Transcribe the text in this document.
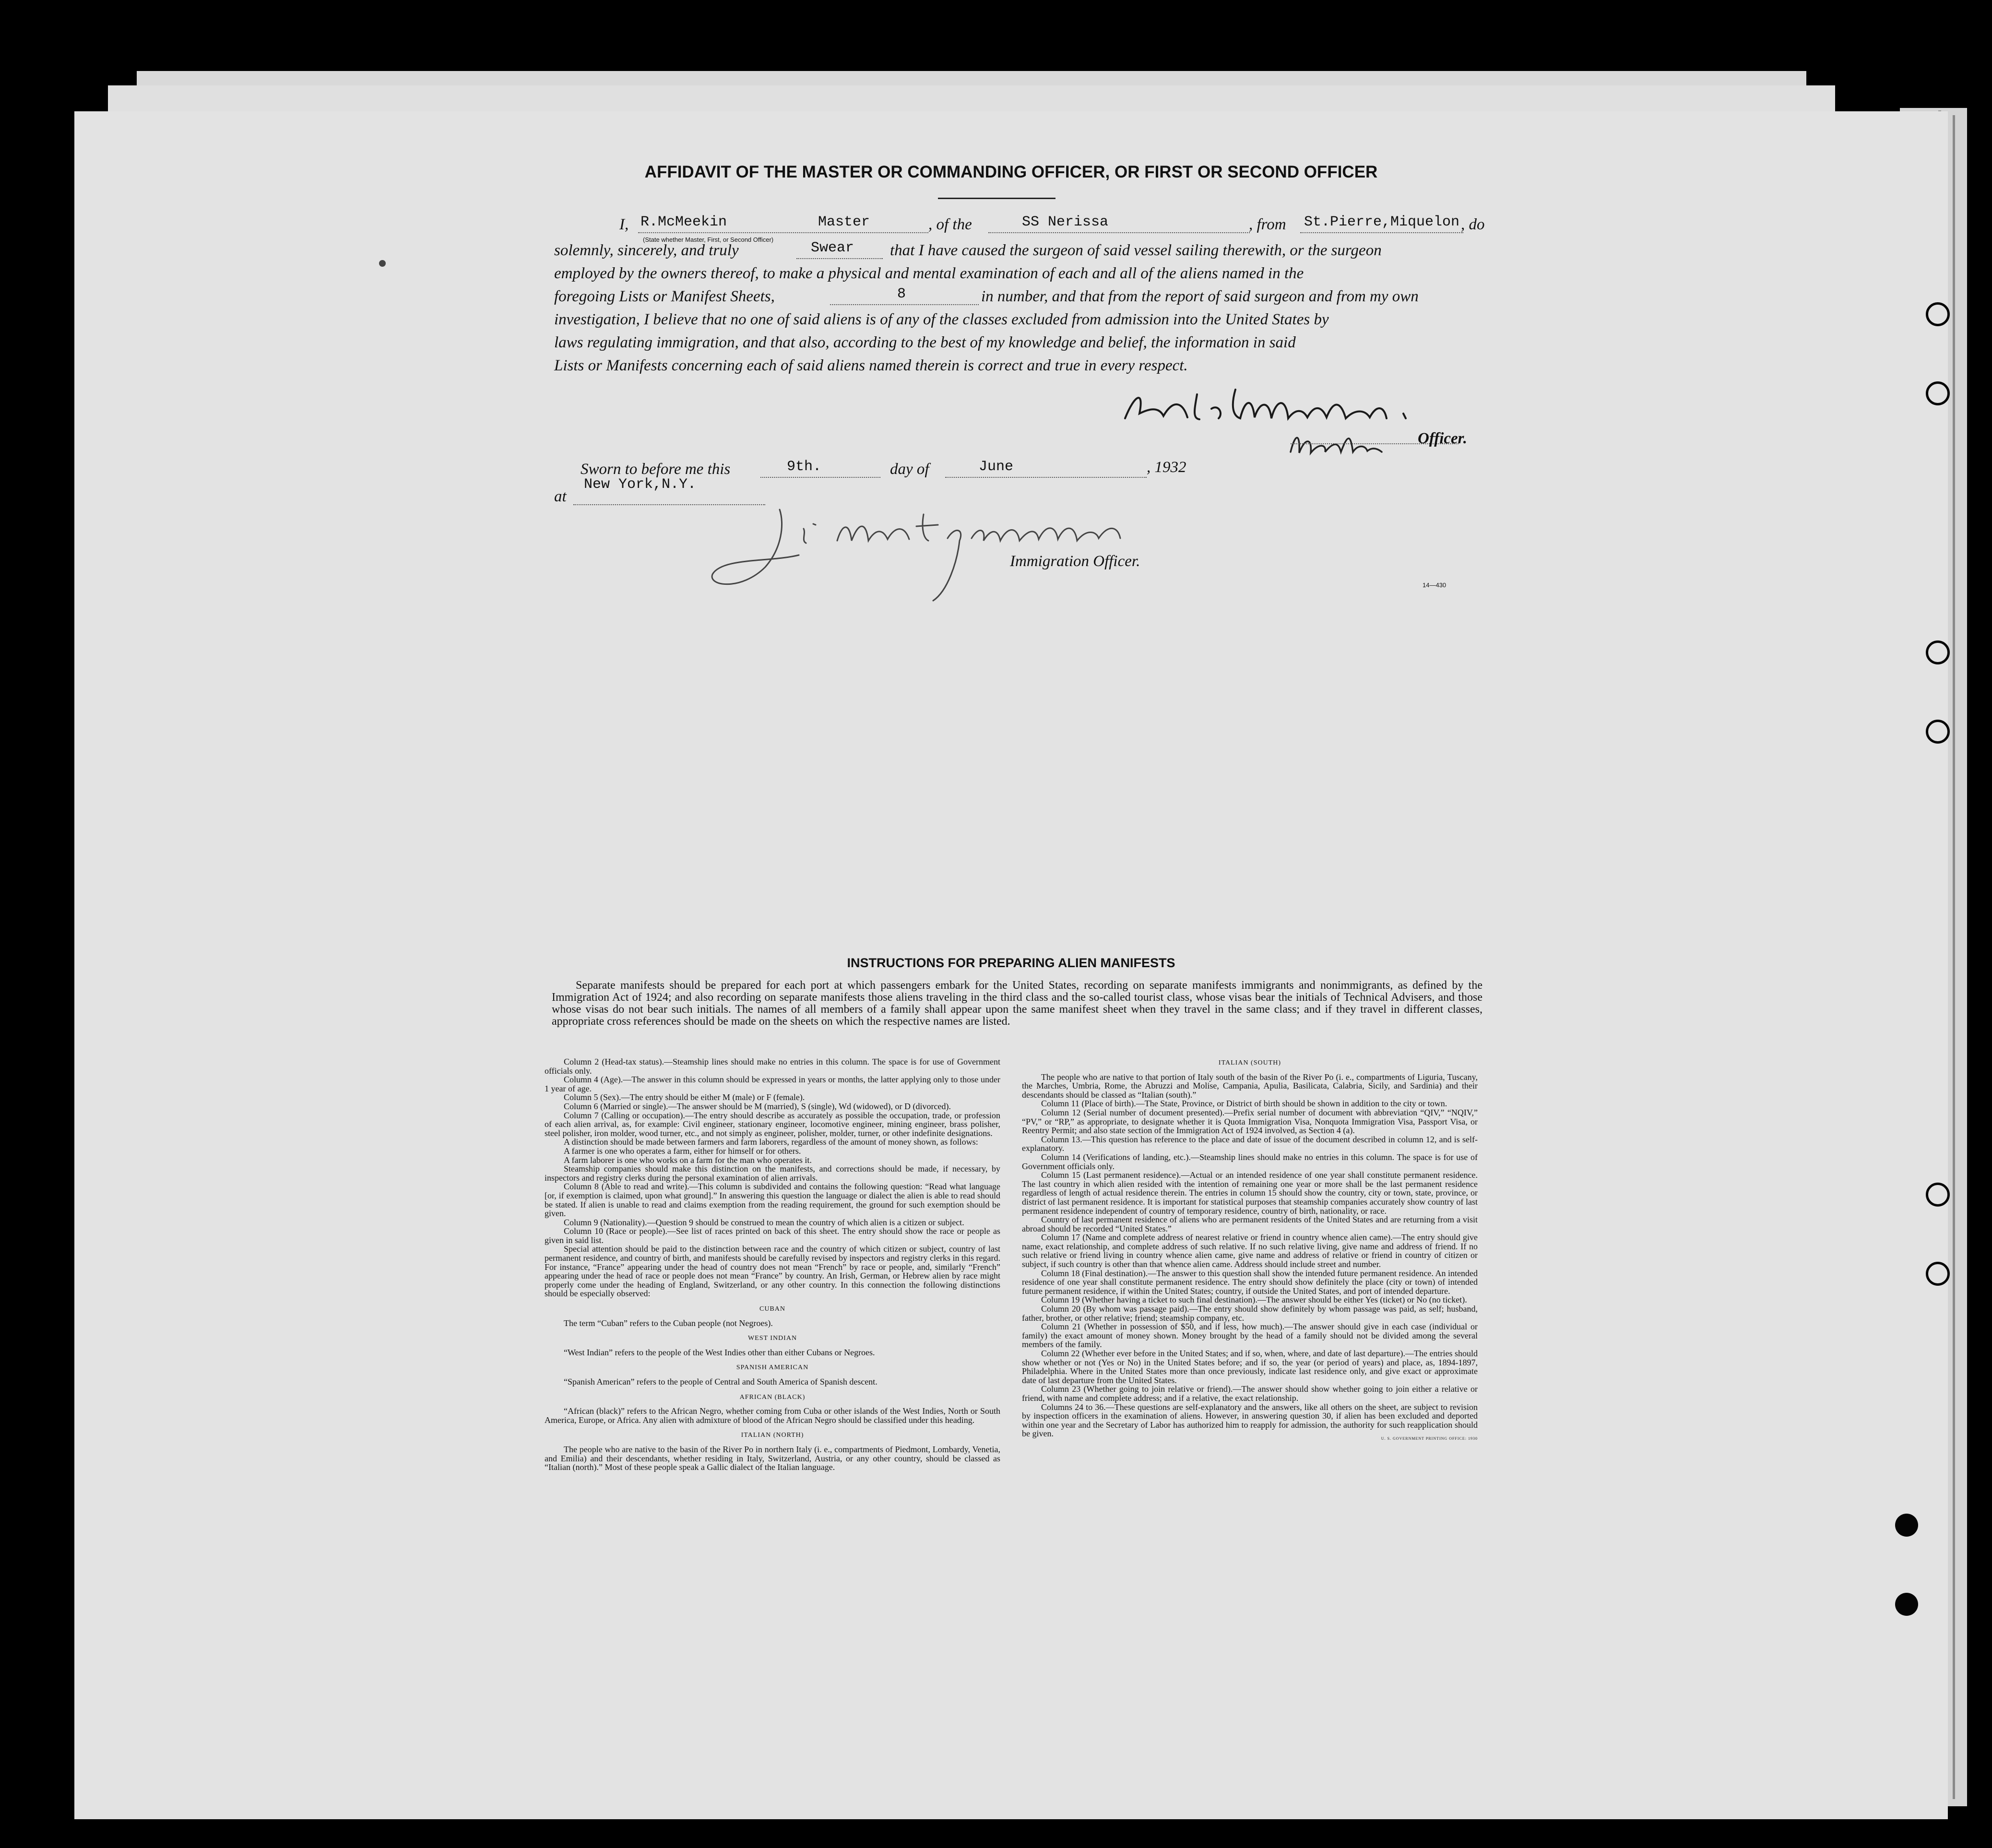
AFFIDAVIT OF THE MASTER OR COMMANDING OFFICER, OR FIRST OR SECOND OFFICER
I, R.McMeekin	Master	, of the	SS Nerissa	, from St.Pierre,Miquelon , do
(State whether Master, First, or Second Officer)
solemnly, sincerely, and truly	Swear that I have caused the surgeon of said vessel sailing therewith, or the surgeon
employed by the owners thereof, to make a physical and mental examination of each and all of the aliens named in the
foregoing Lists or Manifest Sheets,	8	in number, and that from the report of said surgeon and from my own
investigation, I believe that no one of said aliens is of any of the classes excluded from admission into the United States by
laws regulating immigration, and that also, according to the best of my knowledge and belief, the information in said
Lists or Manifests concerning each of said aliens named therein is correct and true in every respect.
Officer.
Sworn to before me this	9th.	day of	June	, 1932
at
New York,N.Y.
Immigration Officer.
14—430
INSTRUCTIONS FOR PREPARING ALIEN MANIFESTS
Separate manifests should be prepared for each port at which passengers embark for the United States, recording on separate manifests immigrants and nonimmigrants, as defined by the Immigration Act of 1924; and also recording on separate manifests those aliens traveling in the third class and the so-called tourist class, whose visas bear the initials of Technical Advisers, and those whose visas do not bear such initials. The names of all members of a family shall appear upon the same manifest sheet when they travel in the same class; and if they travel in different classes, appropriate cross references should be made on the sheets on which the respective names are listed.

Column 2 (Head-tax status).—Steamship lines should make no entries in this column. The space is for use of Government officials only.

Column 4 (Age).—The answer in this column should be expressed in years or months, the latter applying only to those under 1 year of age.

Column 5 (Sex).—The entry should be either M (male) or F (female).

Column 6 (Married or single).—The answer should be M (married), S (single), Wd (widowed), or D (divorced).

Column 7 (Calling or occupation).—The entry should describe as accurately as possible the occupation, trade, or profession of each alien arrival, as, for example: Civil engineer, stationary engineer, locomotive engineer, mining engineer, brass polisher, steel polisher, iron molder, wood turner, etc., and not simply as engineer, polisher, molder, turner, or other indefinite designations.

A distinction should be made between farmers and farm laborers, regardless of the amount of money shown, as follows:

A farmer is one who operates a farm, either for himself or for others.

A farm laborer is one who works on a farm for the man who operates it.

Steamship companies should make this distinction on the manifests, and corrections should be made, if necessary, by inspectors and registry clerks during the personal examination of alien arrivals.

Column 8 (Able to read and write).—This column is subdivided and contains the following question: “Read what language [or, if exemption is claimed, upon what ground].” In answering this question the language or dialect the alien is able to read should be stated. If alien is unable to read and claims exemption from the reading requirement, the ground for such exemption should be given.

Column 9 (Nationality).—Question 9 should be construed to mean the country of which alien is a citizen or subject.

Column 10 (Race or people).—See list of races printed on back of this sheet. The entry should show the race or people as given in said list.

Special attention should be paid to the distinction between race and the country of which citizen or subject, country of last permanent residence, and country of birth, and manifests should be carefully revised by inspectors and registry clerks in this regard. For instance, “France” appearing under the head of country does not mean “French” by race or people, and, similarly “French” appearing under the head of race or people does not mean “France” by country. An Irish, German, or Hebrew alien by race might properly come under the heading of England, Switzerland, or any other country. In this connection the following distinctions should be especially observed:

CUBAN

The term “Cuban” refers to the Cuban people (not Negroes).

WEST INDIAN

“West Indian” refers to the people of the West Indies other than either Cubans or Negroes.

SPANISH AMERICAN

“Spanish American” refers to the people of Central and South America of Spanish descent.

AFRICAN (BLACK)

“African (black)” refers to the African Negro, whether coming from Cuba or other islands of the West Indies, North or South America, Europe, or Africa. Any alien with admixture of blood of the African Negro should be classified under this heading.

ITALIAN (NORTH)

The people who are native to the basin of the River Po in northern Italy (i. e., compartments of Piedmont, Lombardy, Venetia, and Emilia) and their descendants, whether residing in Italy, Switzerland, Austria, or any other country, should be classed as “Italian (north).” Most of these people speak a Gallic dialect of the Italian language.

ITALIAN (SOUTH)

The people who are native to that portion of Italy south of the basin of the River Po (i. e., compartments of Liguria, Tuscany, the Marches, Umbria, Rome, the Abruzzi and Molise, Campania, Apulia, Basilicata, Calabria, Sicily, and Sardinia) and their descendants should be classed as “Italian (south).”

Column 11 (Place of birth).—The State, Province, or District of birth should be shown in addition to the city or town.

Column 12 (Serial number of document presented).—Prefix serial number of document with abbreviation “QIV,” “NQIV,” “PV,” or “RP,” as appropriate, to designate whether it is Quota Immigration Visa, Nonquota Immigration Visa, Passport Visa, or Reentry Permit; and also state section of the Immigration Act of 1924 involved, as Section 4 (a).

Column 13.—This question has reference to the place and date of issue of the document described in column 12, and is self-explanatory.

Column 14 (Verifications of landing, etc.).—Steamship lines should make no entries in this column. The space is for use of Government officials only.

Column 15 (Last permanent residence).—Actual or an intended residence of one year shall constitute permanent residence. The last country in which alien resided with the intention of remaining one year or more shall be the last permanent residence regardless of length of actual residence therein. The entries in column 15 should show the country, city or town, state, province, or district of last permanent residence. It is important for statistical purposes that steamship companies accurately show country of last permanent residence independent of country of temporary residence, country of birth, nationality, or race.

Country of last permanent residence of aliens who are permanent residents of the United States and are returning from a visit abroad should be recorded “United States.”

Column 17 (Name and complete address of nearest relative or friend in country whence alien came).—The entry should give name, exact relationship, and complete address of such relative. If no such relative living, give name and address of friend. If no such relative or friend living in country whence alien came, give name and address of relative or friend in country of citizen or subject, if such country is other than that whence alien came. Address should include street and number.

Column 18 (Final destination).—The answer to this question shall show the intended future permanent residence. An intended residence of one year shall constitute permanent residence. The entry should show definitely the place (city or town) of intended future permanent residence, if within the United States; country, if outside the United States, and port of intended departure.

Column 19 (Whether having a ticket to such final destination).—The answer should be either Yes (ticket) or No (no ticket).

Column 20 (By whom was passage paid).—The entry should show definitely by whom passage was paid, as self; husband, father, brother, or other relative; friend; steamship company, etc.

Column 21 (Whether in possession of $50, and if less, how much).—The answer should give in each case (individual or family) the exact amount of money shown. Money brought by the head of a family should not be divided among the several members of the family.

Column 22 (Whether ever before in the United States; and if so, when, where, and date of last departure).—The entries should show whether or not (Yes or No) in the United States before; and if so, the year (or period of years) and place, as, 1894-1897, Philadelphia. Where in the United States more than once previously, indicate last residence only, and give exact or approximate date of last departure from the United States.

Column 23 (Whether going to join relative or friend).—The answer should show whether going to join either a relative or friend, with name and complete address; and if a relative, the exact relationship.

Columns 24 to 36.—These questions are self-explanatory and the answers, like all others on the sheet, are subject to revision by inspection officers in the examination of aliens. However, in answering question 30, if alien has been excluded and deported within one year and the Secretary of Labor has authorized him to reapply for admission, the authority for such reapplication should be given.

U. S. GOVERNMENT PRINTING OFFICE: 1930
